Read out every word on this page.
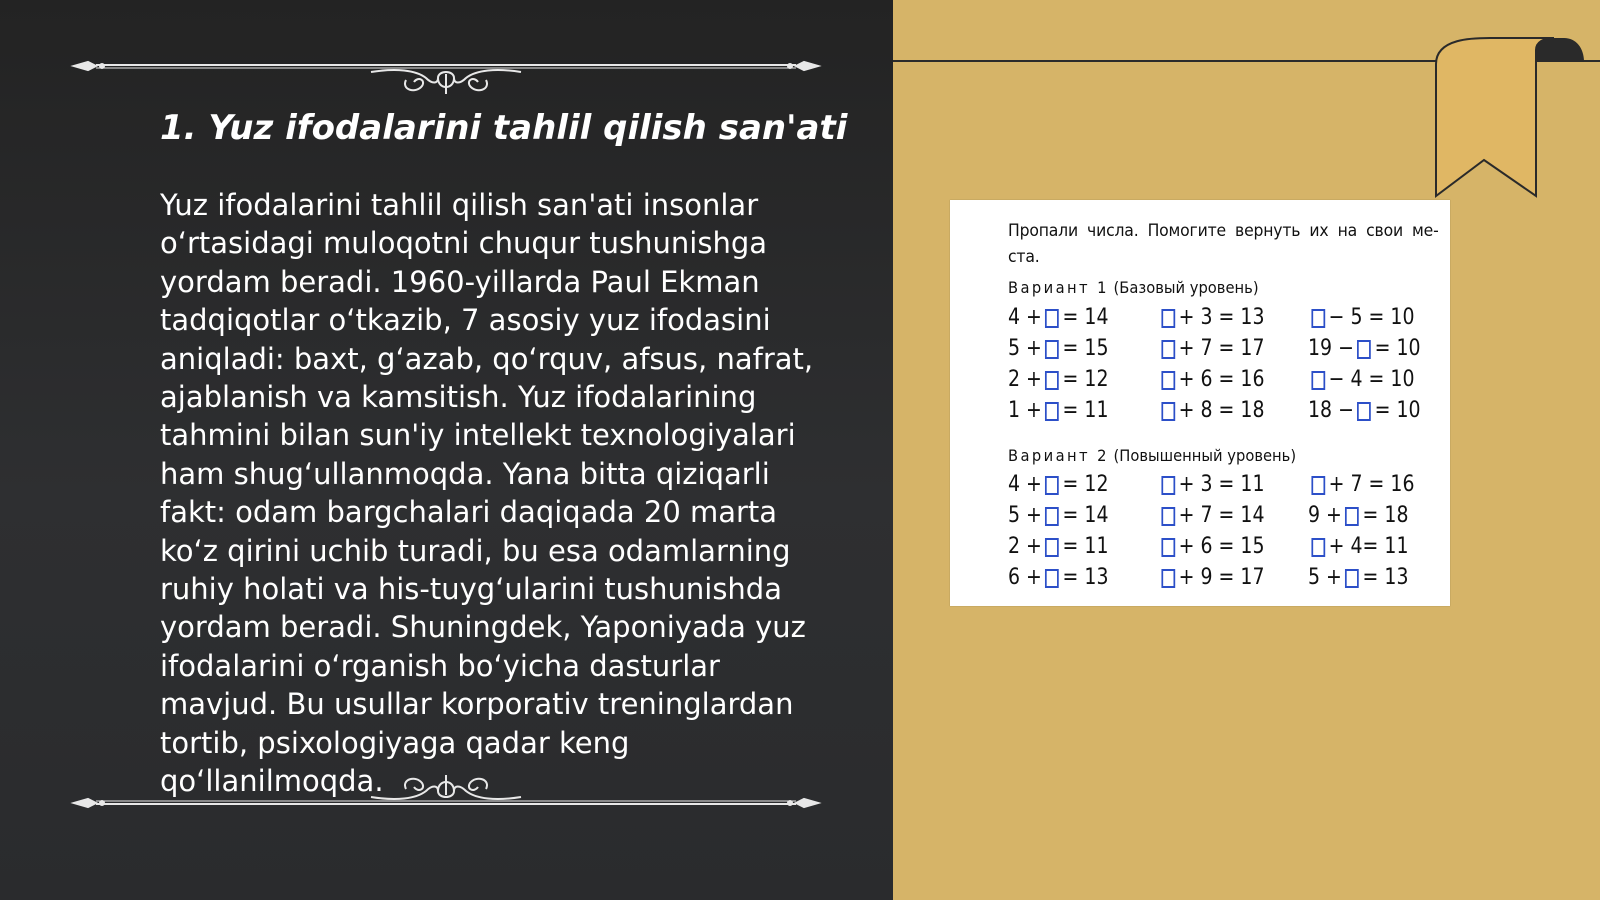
1. Yuz ifodalarini tahlil qilish san'ati

Yuz ifodalarini tahlil qilish san'ati insonlar oʻrtasidagi muloqotni chuqur tushunishga yordam beradi. 1960-yillarda Paul Ekman tadqiqotlar oʻtkazib, 7 asosiy yuz ifodasini aniqladi: baxt, gʻazab, qoʻrquv, afsus, nafrat, ajablanish va kamsitish. Yuz ifodalarining tahmini bilan sun'iy intellekt texnologiyalari ham shugʻullanmoqda. Yana bitta qiziqarli fakt: odam bargchalari daqiqada 20 marta koʻz qirini uchib turadi, bu esa odamlarning ruhiy holati va his-tuygʻularini tushunishda yordam beradi. Shuningdek, Yaponiyada yuz ifodalarini oʻrganish boʻyicha dasturlar mavjud. Bu usullar korporativ treninglardan tortib, psixologiyaga qadar keng qoʻllanilmoqda.

Пропали числа. Помогите вернуть их на свои ме- ста.
Вариант 1 (Базовый уровень)
4 + = 14
5 + = 15
2 + = 12
1 + = 11
+ 3 = 13
+ 7 = 17
+ 6 = 16
+ 8 = 18
− 5 = 10
19 − = 10
− 4 = 10
18 − = 10
Вариант 2 (Повышенный уровень)
4 + = 12
5 + = 14
2 + = 11
6 + = 13
+ 3 = 11
+ 7 = 14
+ 6 = 15
+ 9 = 17
+ 7 = 16
9 + = 18
+ 4= 11
5 + = 13
